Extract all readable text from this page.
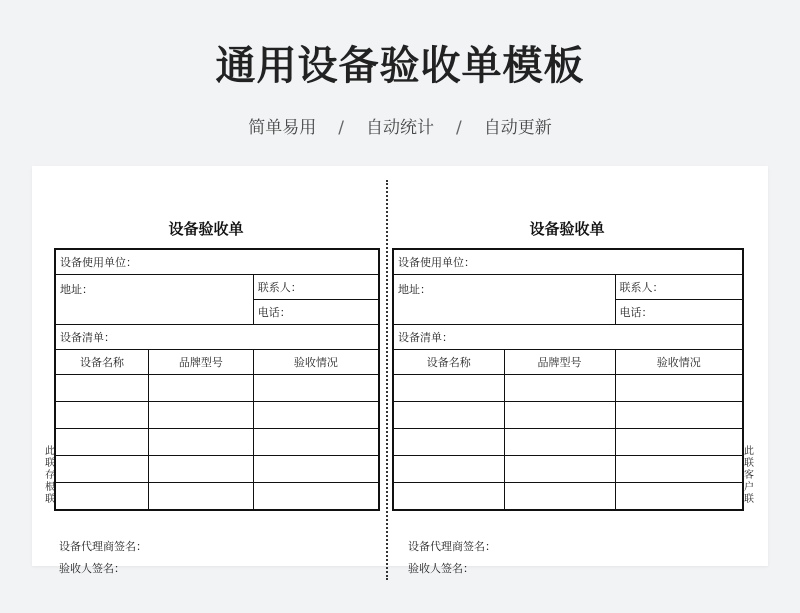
通用设备验收单模板
简单易用 / 自动统计 / 自动更新
此
联
存
根
联
设备验收单
设备使用单位：		
地址：		联系人：
		电话：
设备清单：		
设备名称	品牌型号	验收情况

设备代理商签名：
验收人签名：
设备验收单
设备使用单位：		
地址：		联系人：
		电话：
设备清单：		
设备名称	品牌型号	验收情况

设备代理商签名：
验收人签名：
此
联
客
户
联
